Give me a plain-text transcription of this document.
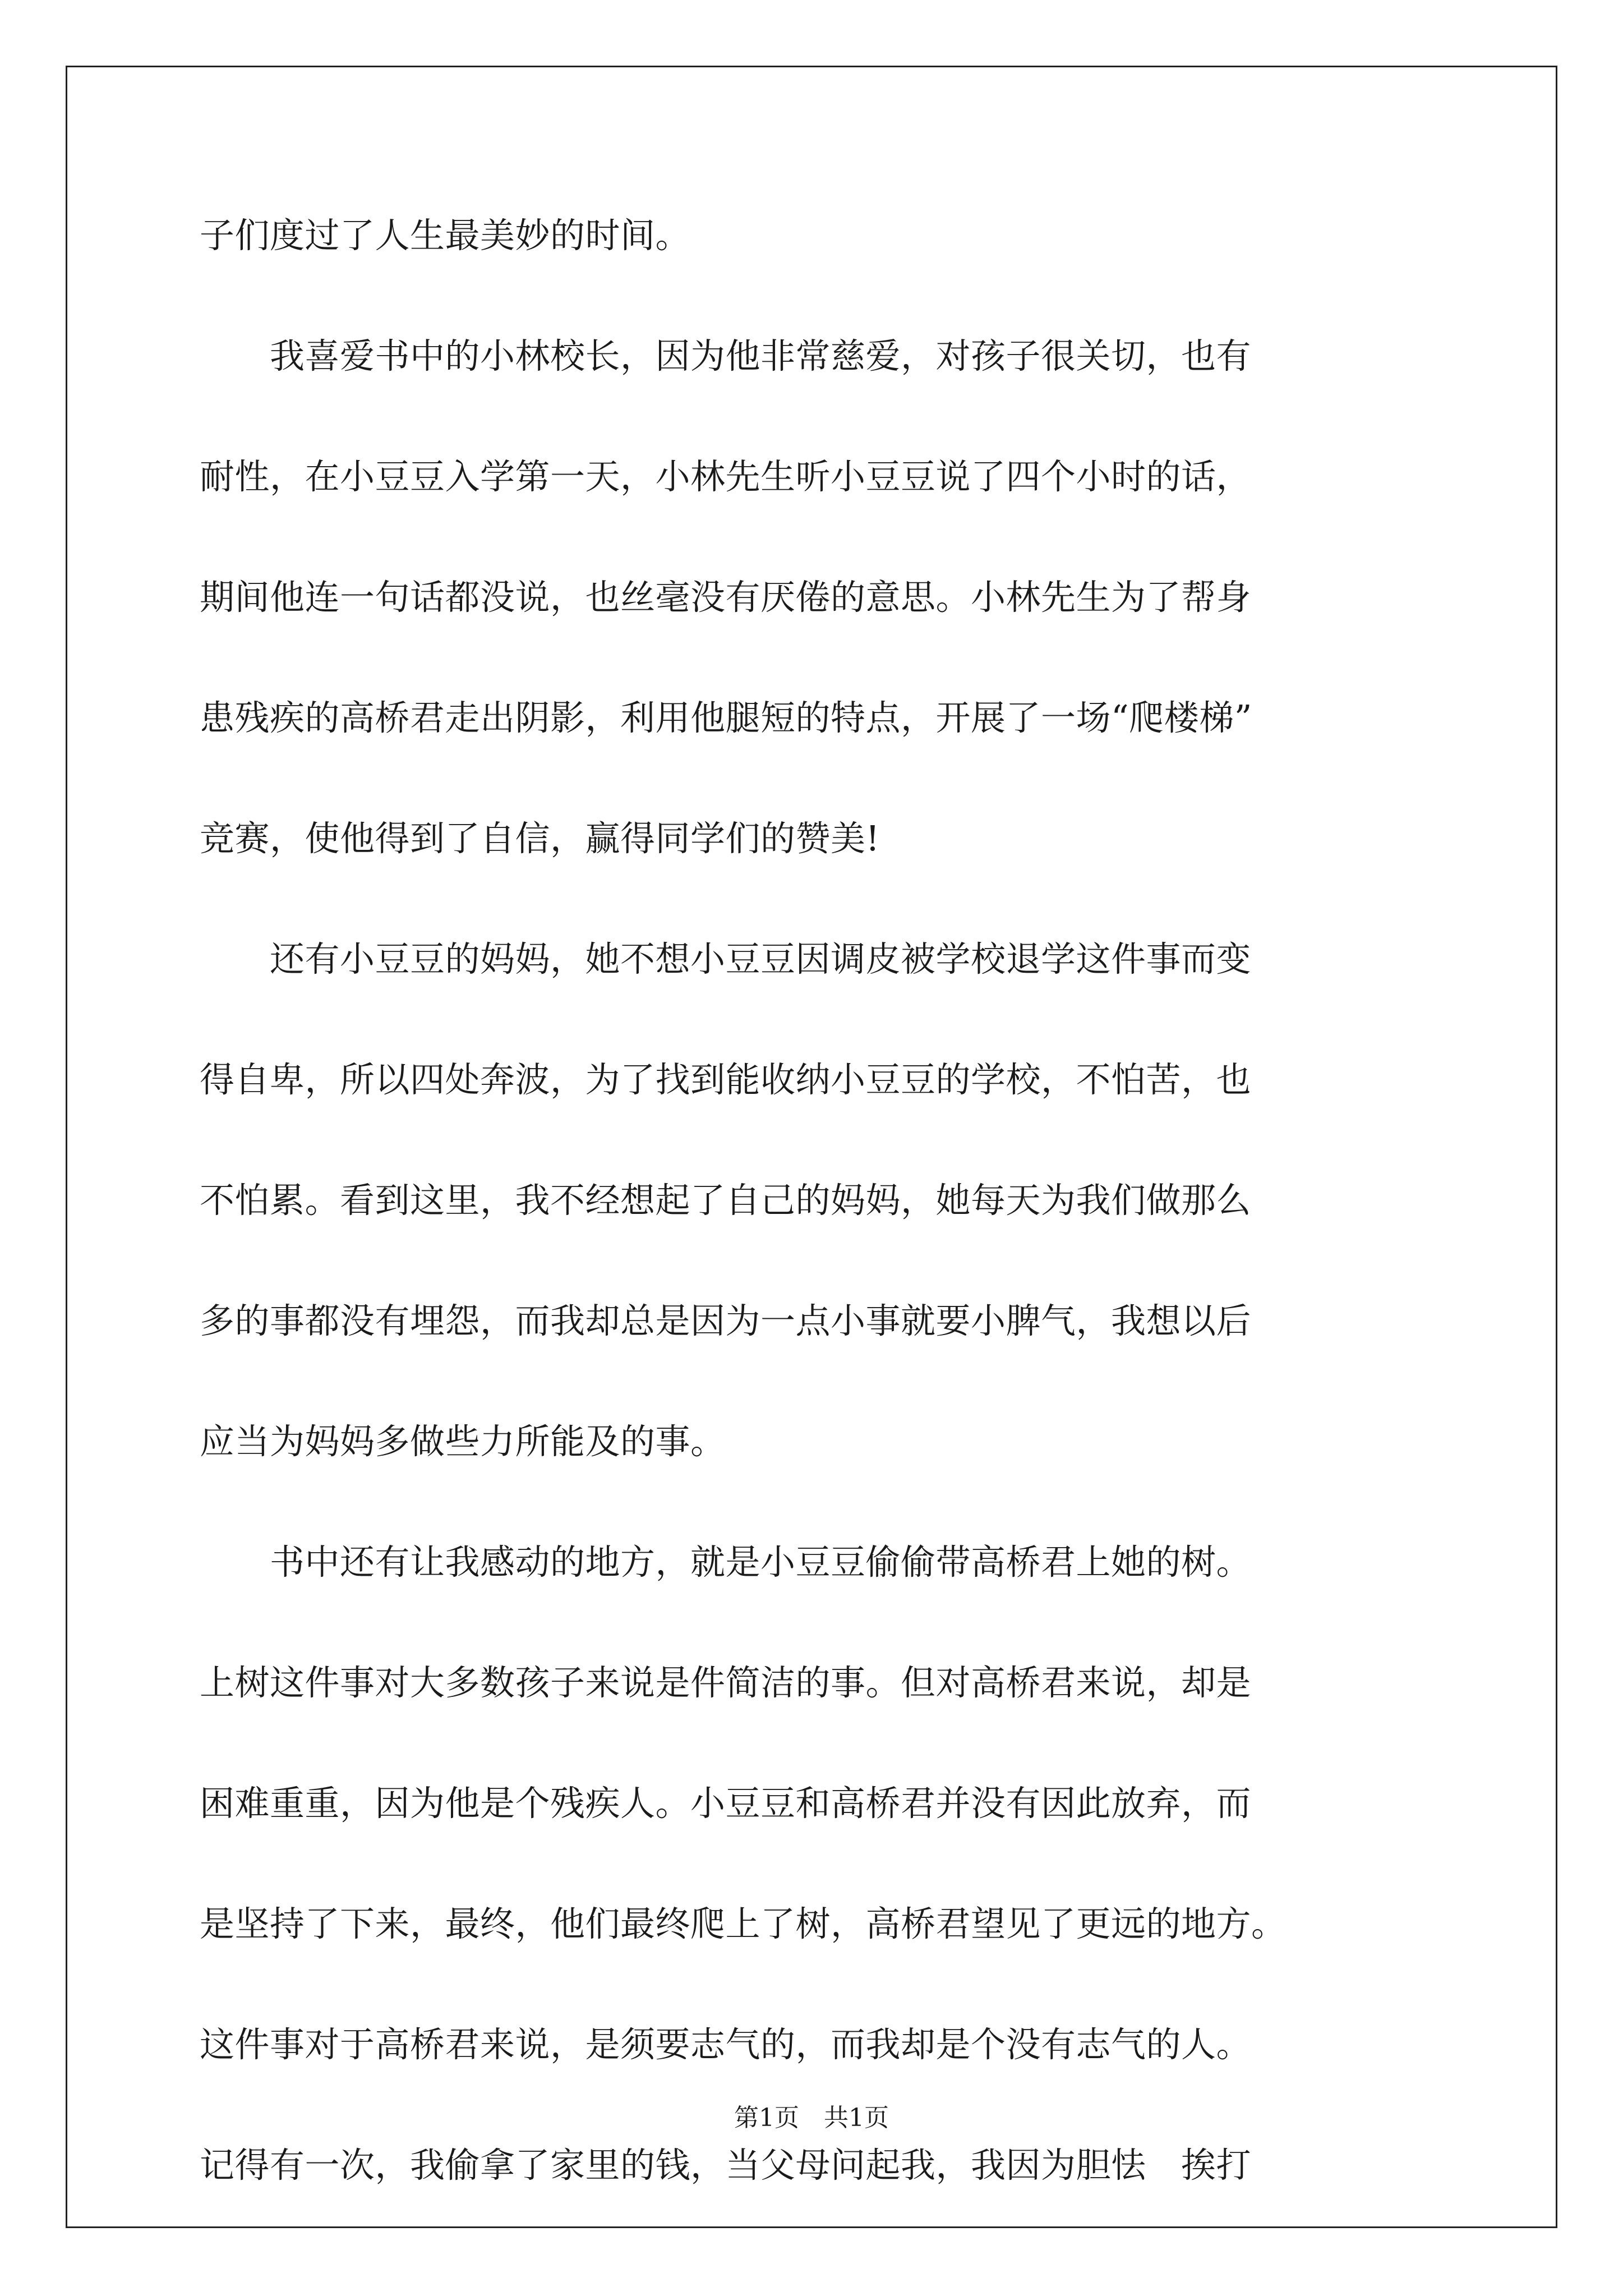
子们度过了人生最美妙的时间。
　　我喜爱书中的小林校长，因为他非常慈爱，对孩子很关切，也有
耐性，在小豆豆入学第一天，小林先生听小豆豆说了四个小时的话，
期间他连一句话都没说，也丝毫没有厌倦的意思。小林先生为了帮身
患残疾的高桥君走出阴影，利用他腿短的特点，开展了一场“爬楼梯”
竞赛，使他得到了自信，赢得同学们的赞美!
　　还有小豆豆的妈妈，她不想小豆豆因调皮被学校退学这件事而变
得自卑，所以四处奔波，为了找到能收纳小豆豆的学校，不怕苦，也
不怕累。看到这里，我不经想起了自己的妈妈，她每天为我们做那么
多的事都没有埋怨，而我却总是因为一点小事就要小脾气，我想以后
应当为妈妈多做些力所能及的事。
　　书中还有让我感动的地方，就是小豆豆偷偷带高桥君上她的树。
上树这件事对大多数孩子来说是件简洁的事。但对高桥君来说，却是
困难重重，因为他是个残疾人。小豆豆和高桥君并没有因此放弃，而
是坚持了下来，最终，他们最终爬上了树，高桥君望见了更远的地方。
这件事对于高桥君来说，是须要志气的，而我却是个没有志气的人。
记得有一次，我偷拿了家里的钱，当父母问起我，我因为胆怯　挨打
第1页　共1页
